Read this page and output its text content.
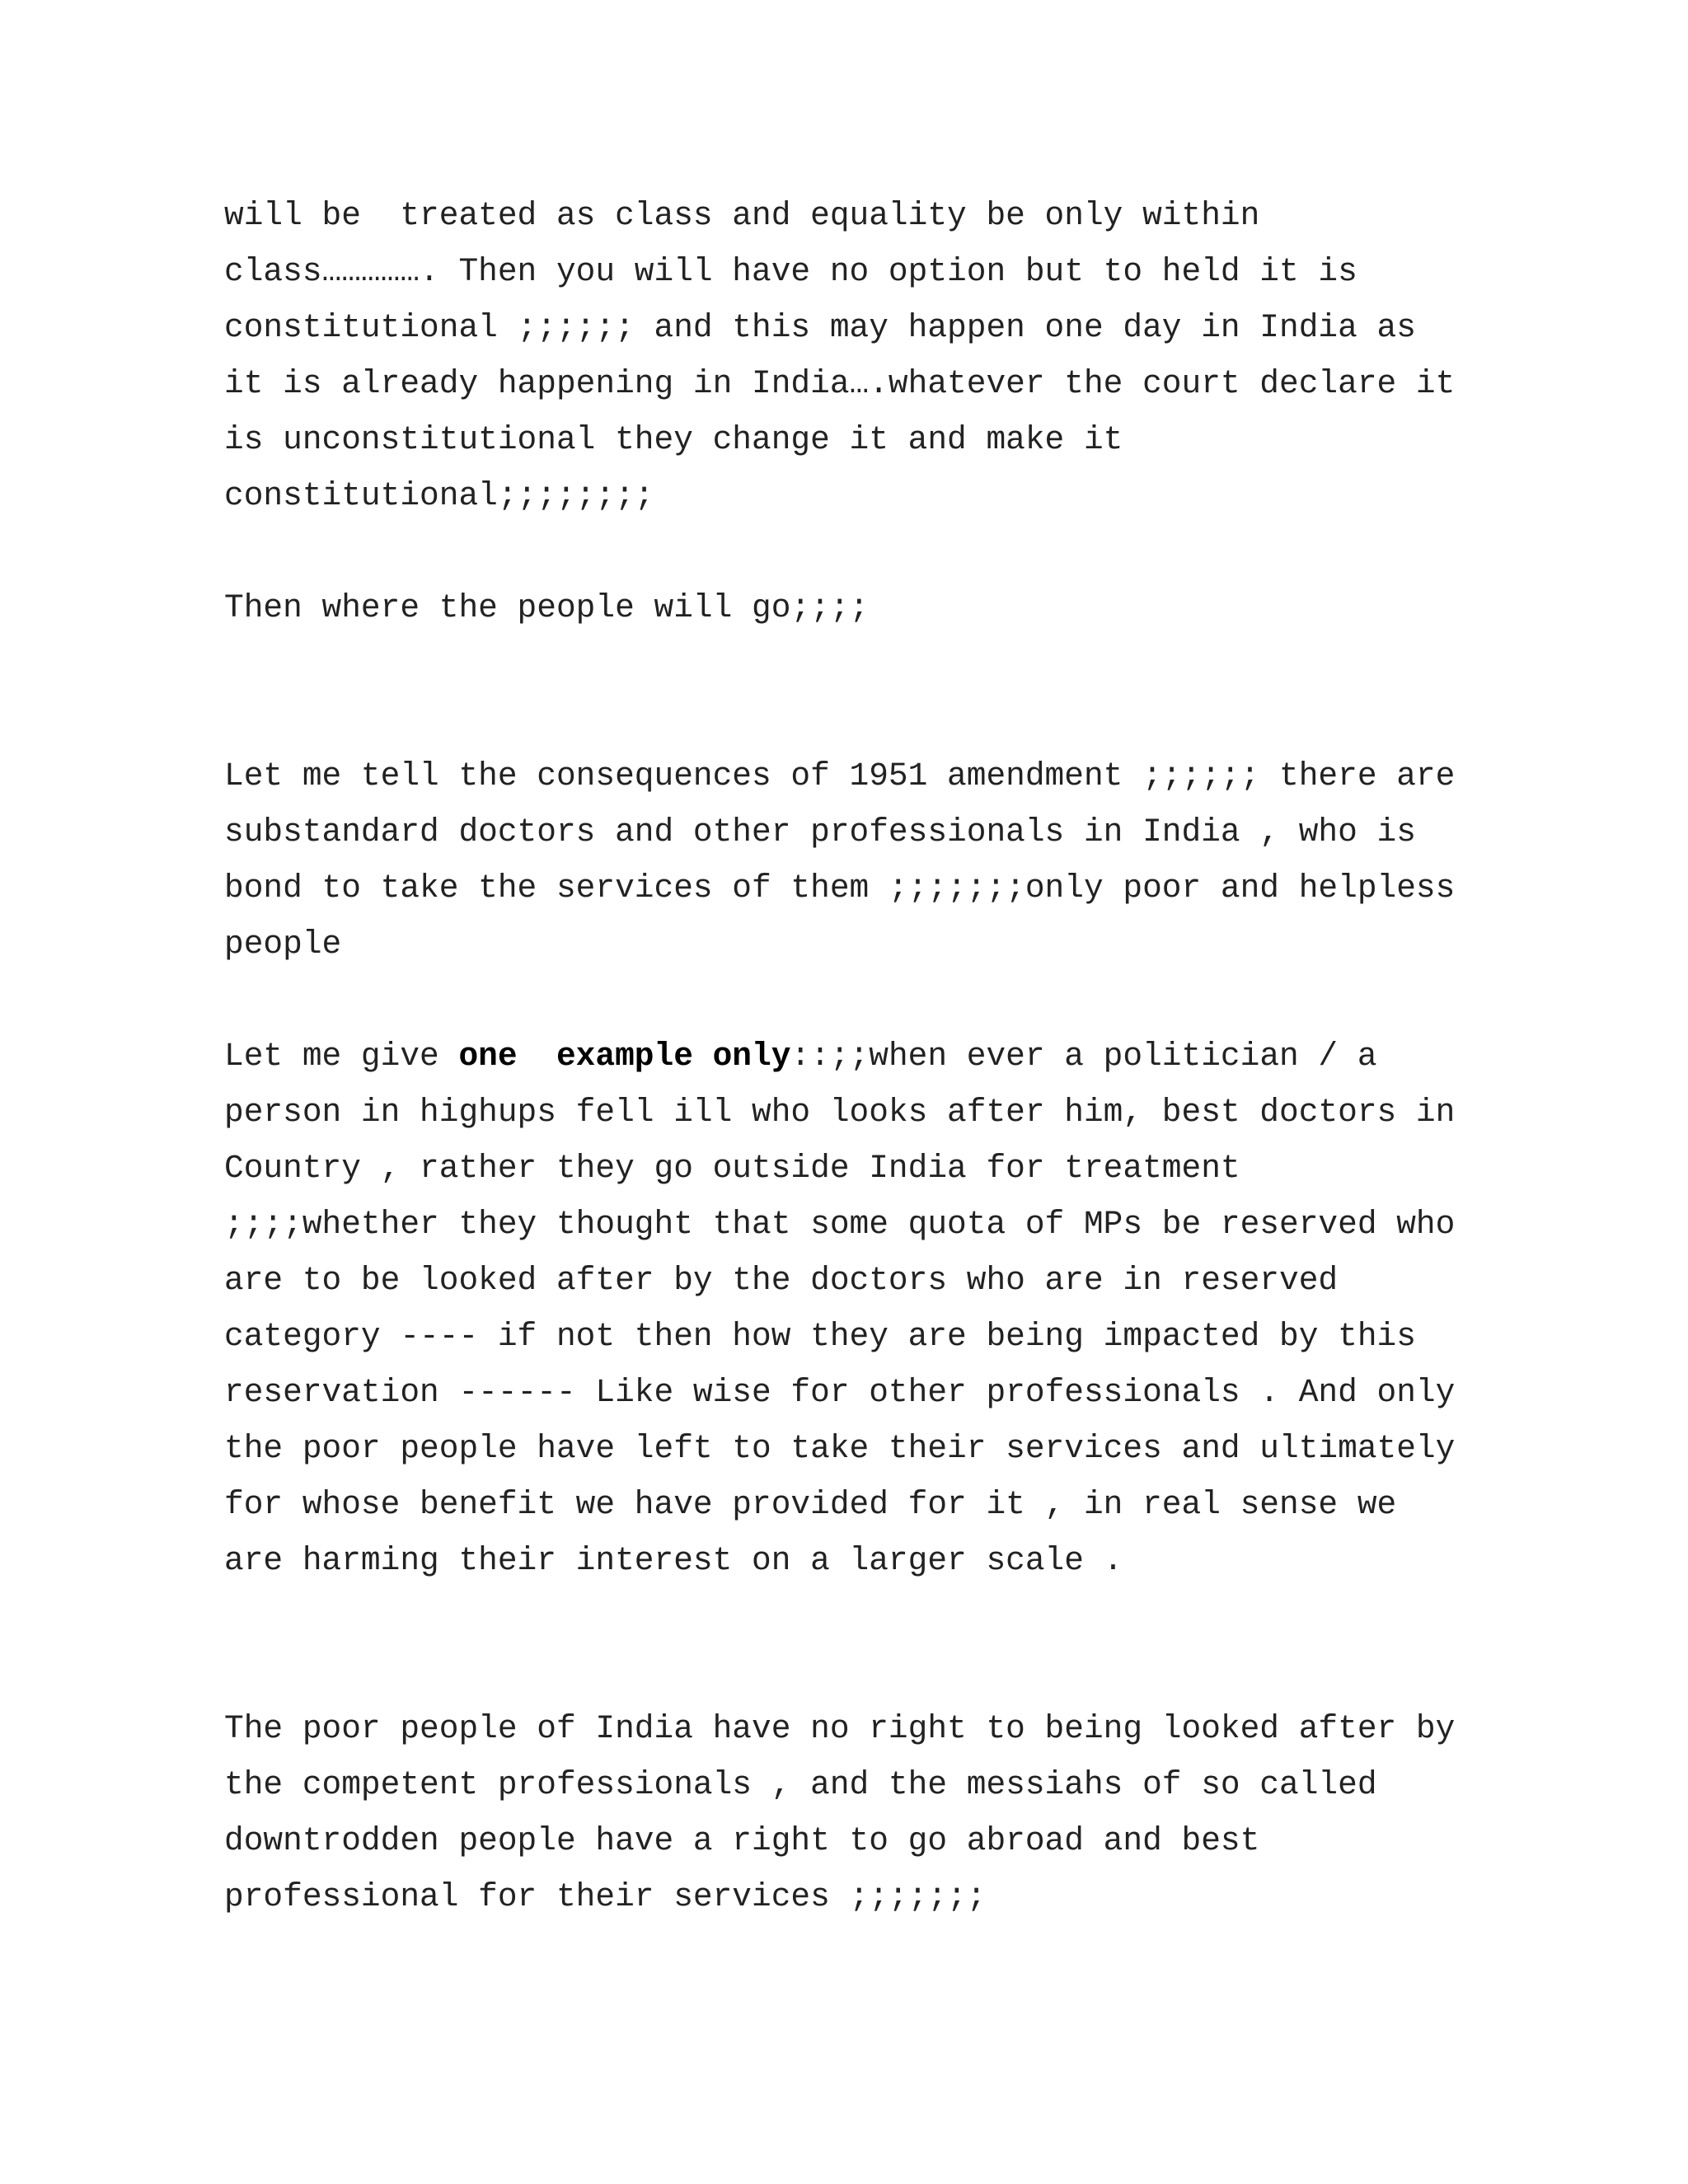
will be  treated as class and equality be only within
class……………. Then you will have no option but to held it is
constitutional ;;;;;; and this may happen one day in India as
it is already happening in India….whatever the court declare it
is unconstitutional they change it and make it
constitutional;;;;;;;;
Then where the people will go;;;;
Let me tell the consequences of 1951 amendment ;;;;;; there are
substandard doctors and other professionals in India , who is
bond to take the services of them ;;;;;;;only poor and helpless
people
Let me give one  example only::;;when ever a politician / a
person in highups fell ill who looks after him, best doctors in
Country , rather they go outside India for treatment
;;;;whether they thought that some quota of MPs be reserved who
are to be looked after by the doctors who are in reserved
category ---- if not then how they are being impacted by this
reservation ------ Like wise for other professionals . And only
the poor people have left to take their services and ultimately
for whose benefit we have provided for it , in real sense we
are harming their interest on a larger scale .
The poor people of India have no right to being looked after by
the competent professionals , and the messiahs of so called
downtrodden people have a right to go abroad and best
professional for their services ;;;;;;;
